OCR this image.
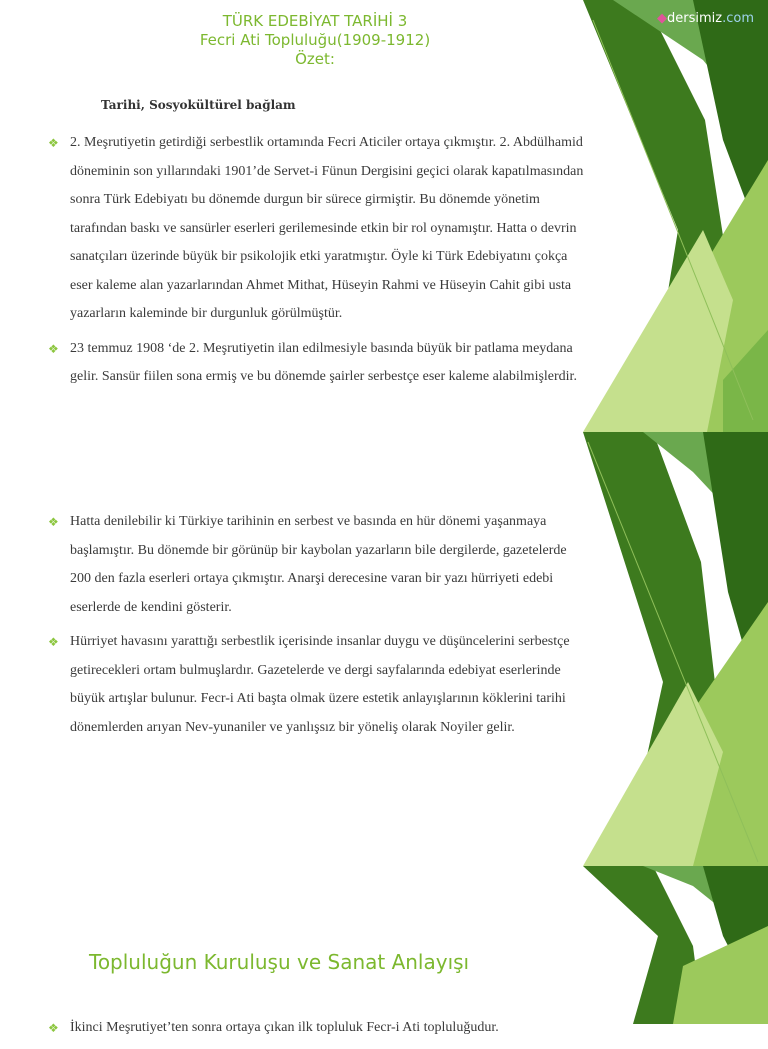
◆dersimiz.com
TÜRK EDEBİYAT TARİHİ 3
Fecri Ati Topluluğu(1909-1912)
Özet:
Tarihi, Sosyokültürel bağlam
❖ 2. Meşrutiyetin getirdiği serbestlik ortamında Fecri Aticiler ortaya çıkmıştır. 2. Abdülhamid döneminin son yıllarındaki 1901’de Servet-i Fünun Dergisini geçici olarak kapatılmasından sonra Türk Edebiyatı bu dönemde durgun bir sürece girmiştir. Bu dönemde yönetim tarafından baskı ve sansürler eserleri gerilemesinde etkin bir rol oynamıştır. Hatta o devrin sanatçıları üzerinde büyük bir psikolojik etki yaratmıştır. Öyle ki Türk Edebiyatını çokça eser kaleme alan yazarlarından Ahmet Mithat, Hüseyin Rahmi ve Hüseyin Cahit gibi usta yazarların kaleminde bir durgunluk görülmüştür.
❖ 23 temmuz 1908 ‘de 2. Meşrutiyetin ilan edilmesiyle basında büyük bir patlama meydana gelir. Sansür fiilen sona ermiş ve bu dönemde şairler serbestçe eser kaleme alabilmişlerdir.
❖ Hatta denilebilir ki Türkiye tarihinin en serbest ve basında en hür dönemi yaşanmaya başlamıştır. Bu dönemde bir görünüp bir kaybolan yazarların bile dergilerde, gazetelerde 200 den fazla eserleri ortaya çıkmıştır. Anarşi derecesine varan bir yazı hürriyeti edebi eserlerde de kendini gösterir.
❖ Hürriyet havasını yarattığı serbestlik içerisinde insanlar duygu ve düşüncelerini serbestçe getirecekleri ortam bulmuşlardır. Gazetelerde ve dergi sayfalarında edebiyat eserlerinde büyük artışlar bulunur. Fecr-i Ati başta olmak üzere estetik anlayışlarının köklerini tarihi dönemlerden arıyan Nev-yunaniler ve yanlışsız bir yöneliş olarak Noyiler gelir.
Topluluğun Kuruluşu ve Sanat Anlayışı
❖ İkinci Meşrutiyet’ten sonra ortaya çıkan ilk topluluk Fecr-i Ati topluluğudur.
